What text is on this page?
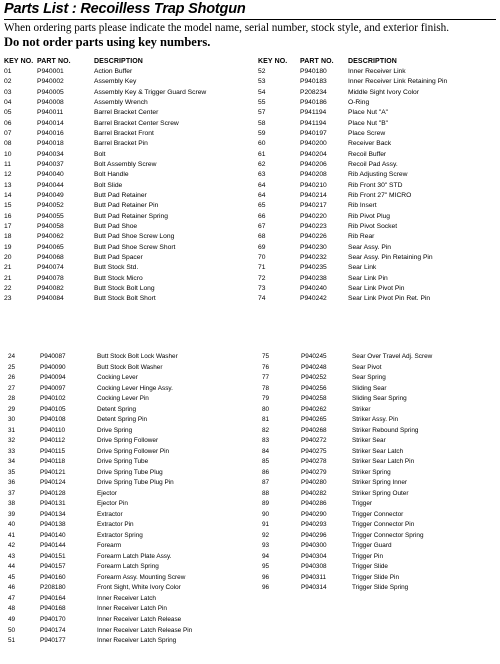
Parts List : Recoilless Trap Shotgun
When ordering parts please indicate the model name, serial number, stock style, and exterior finish.
Do not order parts using key numbers.
KEY NO. PART NO.	DESCRIPTION	KEY NO. PART NO. DESCRIPTION
01	P940001	Action Buffer
02	P940002	Assembly Key
03	P940005	Assembly Key & Trigger Guard Screw
04	P940008	Assembly Wrench
05	P940011	Barrel Bracket Center
06	P940014	Barrel Bracket Center Screw
07	P940016	Barrel Bracket Front
08	P940018	Barrel Bracket Pin
10	P940034	Bolt
11	P940037	Bolt Assembly Screw
12	P940040	Bolt Handle
13	P940044	Bolt Slide
14	P940049	Butt Pad Retainer
15	P940052	Butt Pad Retainer Pin
16	P940055	Butt Pad Retainer Spring
17	P940058	Butt Pad Shoe
18	P940062	Butt Pad Shoe Screw Long
19	P940065	Butt Pad Shoe Screw Short
20	P940068	Butt Pad Spacer
21	P940074	Butt Stock Std.
21	P940078	Butt Stock Micro
22	P940082	Butt Stock Bolt Long
23	P940084	Butt Stock Bolt Short
52	P940180	Inner Receiver Link
53	P940183	Inner Receiver Link Retaining Pin
54	P208234	Middle Sight Ivory Color
55	P940186	O-Ring
57	P941194	Place Nut "A"
58	P941194	Place Nut "B"
59	P940197	Place Screw
60	P940200	Receiver Back
61	P940204	Recoil Buffer
62	P940206	Recoil Pad Assy.
63	P940208	Rib Adjusting Screw
64	P940210	Rib Front 30" STD
64	P940214	Rib Front 27" MICRO
65	P940217	Rib Insert
66	P940220	Rib Pivot Plug
67	P940223	Rib Pivot Socket
68	P940226	Rib Rear
69	P940230	Sear Assy. Pin
70	P940232	Sear Assy. Pin Retaining Pin
71	P940235	Sear Link
72	P940238	Sear Link Pin
73	P940240	Sear Link Pivot Pin
74	P940242	Sear Link Pivot Pin Ret. Pin
24	P940087	Butt Stock Bolt Lock Washer
25	P940090	Butt Stock Bolt Washer
26	P940094	Cocking Lever
27	P940097	Cocking Lever Hinge Assy.
28	P940102	Cocking Lever Pin
29	P940105	Detent Spring
30	P940108	Detent Spring Pin
31	P940110	Drive Spring
32	P940112	Drive Spring Follower
33	P940115	Drive Spring Follower Pin
34	P940118	Drive Spring Tube
35	P940121	Drive Spring Tube Plug
36	P940124	Drive Spring Tube Plug Pin
37	P940128	Ejector
38	P940131	Ejector Pin
39	P940134	Extractor
40	P940138	Extractor Pin
41	P940140	Extractor Spring
42	P940144	Forearm
43	P940151	Forearm Latch Plate Assy.
44	P940157	Forearm Latch Spring
45	P940160	Forearm Assy. Mounting Screw
46	P208180	Front Sight, White Ivory Color
47	P940164	Inner Receiver Latch
48	P940168	Inner Receiver Latch Pin
49	P940170	Inner Receiver Latch Release
50	P940174	Inner Receiver Latch Release Pin
51	P940177	Inner Receiver Latch Spring
75	P940245	Sear Over Travel Adj. Screw
76	P940248	Sear Pivot
77	P940252	Sear Spring
78	P940256	Sliding Sear
79	P940258	Sliding Sear Spring
80	P940262	Striker
81	P940265	Striker Assy. Pin
82	P940268	Striker Rebound Spring
83	P940272	Striker Sear
84	P940275	Striker Sear Latch
85	P940278	Striker Sear Latch Pin
86	P940279	Striker Spring
87	P940280	Striker Spring Inner
88	P940282	Striker Spring Outer
89	P940286	Trigger
90	P940290	Trigger Connector
91	P940293	Trigger Connector Pin
92	P940296	Trigger Connector Spring
93	P940300	Trigger Guard
94	P940304	Trigger Pin
95	P940308	Trigger Slide
96	P940311	Trigger Slide Pin
96	P940314	Trigger Slide Spring
